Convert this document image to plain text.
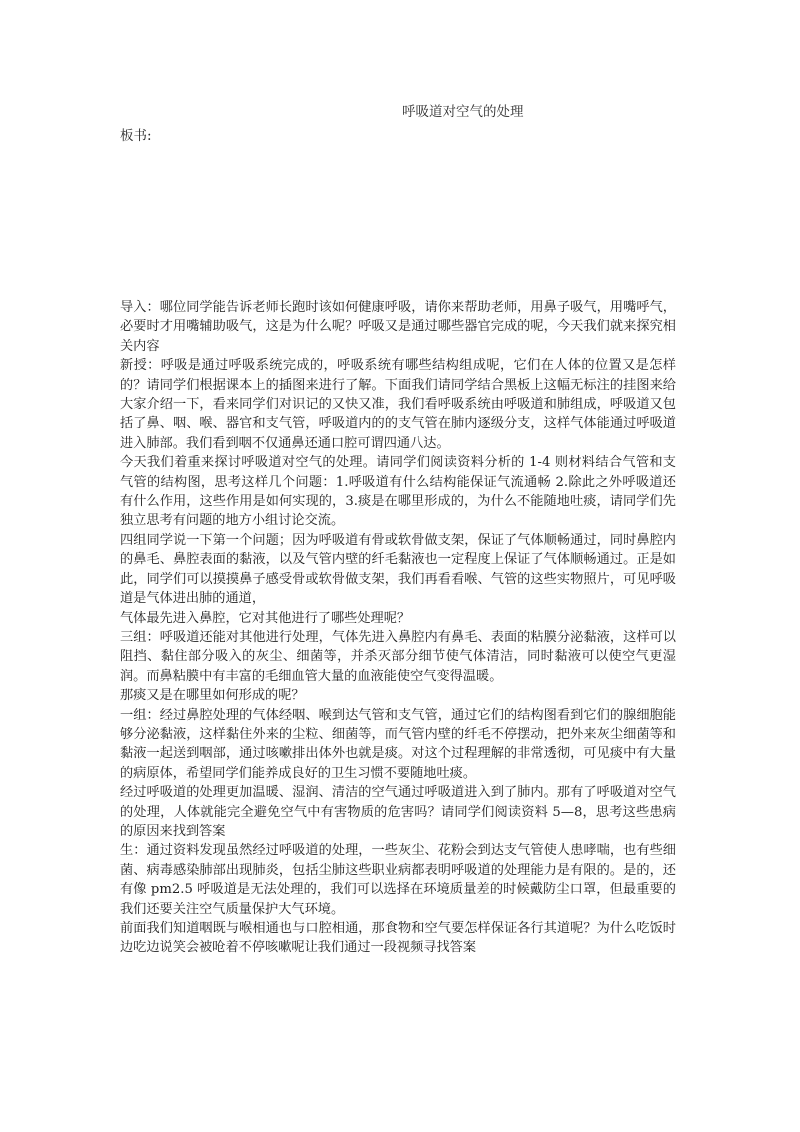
呼吸道对空气的处理
板书:

导入：哪位同学能告诉老师长跑时该如何健康呼吸，请你来帮助老师，用鼻子吸气，用嘴呼气，必要时才用嘴辅助吸气，这是为什么呢？呼吸又是通过哪些器官完成的呢，今天我们就来探究相关内容

新授：呼吸是通过呼吸系统完成的，呼吸系统有哪些结构组成呢，它们在人体的位置又是怎样的？请同学们根据课本上的插图来进行了解。下面我们请同学结合黑板上这幅无标注的挂图来给大家介绍一下，看来同学们对识记的又快又准，我们看呼吸系统由呼吸道和肺组成，呼吸道又包括了鼻、咽、喉、器官和支气管，呼吸道内的的支气管在肺内逐级分支，这样气体能通过呼吸道进入肺部。我们看到咽不仅通鼻还通口腔可谓四通八达。

今天我们着重来探讨呼吸道对空气的处理。请同学们阅读资料分析的 1-4 则材料结合气管和支气管的结构图，思考这样几个问题：1.呼吸道有什么结构能保证气流通畅 2.除此之外呼吸道还有什么作用，这些作用是如何实现的，3.痰是在哪里形成的，为什么不能随地吐痰，请同学们先独立思考有问题的地方小组讨论交流。

四组同学说一下第一个问题；因为呼吸道有骨或软骨做支架，保证了气体顺畅通过，同时鼻腔内的鼻毛、鼻腔表面的黏液，以及气管内壁的纤毛黏液也一定程度上保证了气体顺畅通过。正是如此，同学们可以摸摸鼻子感受骨或软骨做支架，我们再看看喉、气管的这些实物照片，可见呼吸道是气体进出肺的通道，

气体最先进入鼻腔，它对其他进行了哪些处理呢？

三组：呼吸道还能对其他进行处理，气体先进入鼻腔内有鼻毛、表面的粘膜分泌黏液，这样可以阻挡、黏住部分吸入的灰尘、细菌等，并杀灭部分细节使气体清洁，同时黏液可以使空气更湿润。而鼻粘膜中有丰富的毛细血管大量的血液能使空气变得温暖。

那痰又是在哪里如何形成的呢？

一组：经过鼻腔处理的气体经咽、喉到达气管和支气管，通过它们的结构图看到它们的腺细胞能够分泌黏液，这样黏住外来的尘粒、细菌等，而气管内壁的纤毛不停摆动，把外来灰尘细菌等和黏液一起送到咽部，通过咳嗽排出体外也就是痰。对这个过程理解的非常透彻，可见痰中有大量的病原体，希望同学们能养成良好的卫生习惯不要随地吐痰。

经过呼吸道的处理更加温暖、湿润、清洁的空气通过呼吸道进入到了肺内。那有了呼吸道对空气的处理，人体就能完全避免空气中有害物质的危害吗？请同学们阅读资料 5—8，思考这些患病的原因来找到答案

生：通过资料发现虽然经过呼吸道的处理，一些灰尘、花粉会到达支气管使人患哮喘，也有些细菌、病毒感染肺部出现肺炎，包括尘肺这些职业病都表明呼吸道的处理能力是有限的。是的，还有像 pm2.5 呼吸道是无法处理的，我们可以选择在环境质量差的时候戴防尘口罩，但最重要的我们还要关注空气质量保护大气环境。

前面我们知道咽既与喉相通也与口腔相通，那食物和空气要怎样保证各行其道呢？为什么吃饭时边吃边说笑会被呛着不停咳嗽呢让我们通过一段视频寻找答案
